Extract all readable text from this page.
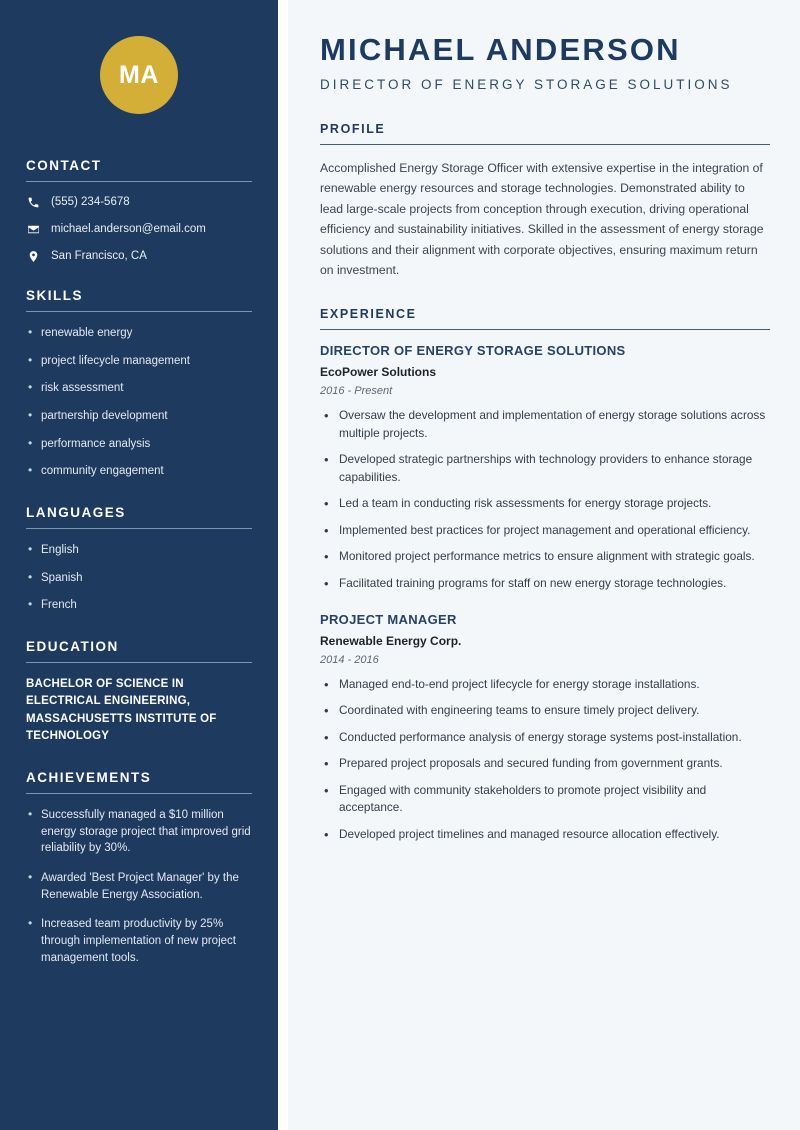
MA
CONTACT
(555) 234-5678
michael.anderson@email.com
San Francisco, CA
SKILLS
• renewable energy
• project lifecycle management
• risk assessment
• partnership development
• performance analysis
• community engagement
LANGUAGES
• English
• Spanish
• French
EDUCATION
BACHELOR OF SCIENCE IN ELECTRICAL ENGINEERING, MASSACHUSETTS INSTITUTE OF TECHNOLOGY
ACHIEVEMENTS
• Successfully managed a $10 million energy storage project that improved grid reliability by 30%.
• Awarded 'Best Project Manager' by the Renewable Energy Association.
• Increased team productivity by 25% through implementation of new project management tools.
MICHAEL ANDERSON
DIRECTOR OF ENERGY STORAGE SOLUTIONS
PROFILE

Accomplished Energy Storage Officer with extensive expertise in the integration of renewable energy resources and storage technologies. Demonstrated ability to lead large-scale projects from conception through execution, driving operational efficiency and sustainability initiatives. Skilled in the assessment of energy storage solutions and their alignment with corporate objectives, ensuring maximum return on investment.

EXPERIENCE
DIRECTOR OF ENERGY STORAGE SOLUTIONS
EcoPower Solutions
2016 - Present
• Oversaw the development and implementation of energy storage solutions across multiple projects.
• Developed strategic partnerships with technology providers to enhance storage capabilities.
• Led a team in conducting risk assessments for energy storage projects.
• Implemented best practices for project management and operational efficiency.
• Monitored project performance metrics to ensure alignment with strategic goals.
• Facilitated training programs for staff on new energy storage technologies.
PROJECT MANAGER
Renewable Energy Corp.
2014 - 2016
• Managed end-to-end project lifecycle for energy storage installations.
• Coordinated with engineering teams to ensure timely project delivery.
• Conducted performance analysis of energy storage systems post-installation.
• Prepared project proposals and secured funding from government grants.
• Engaged with community stakeholders to promote project visibility and acceptance.
• Developed project timelines and managed resource allocation effectively.
